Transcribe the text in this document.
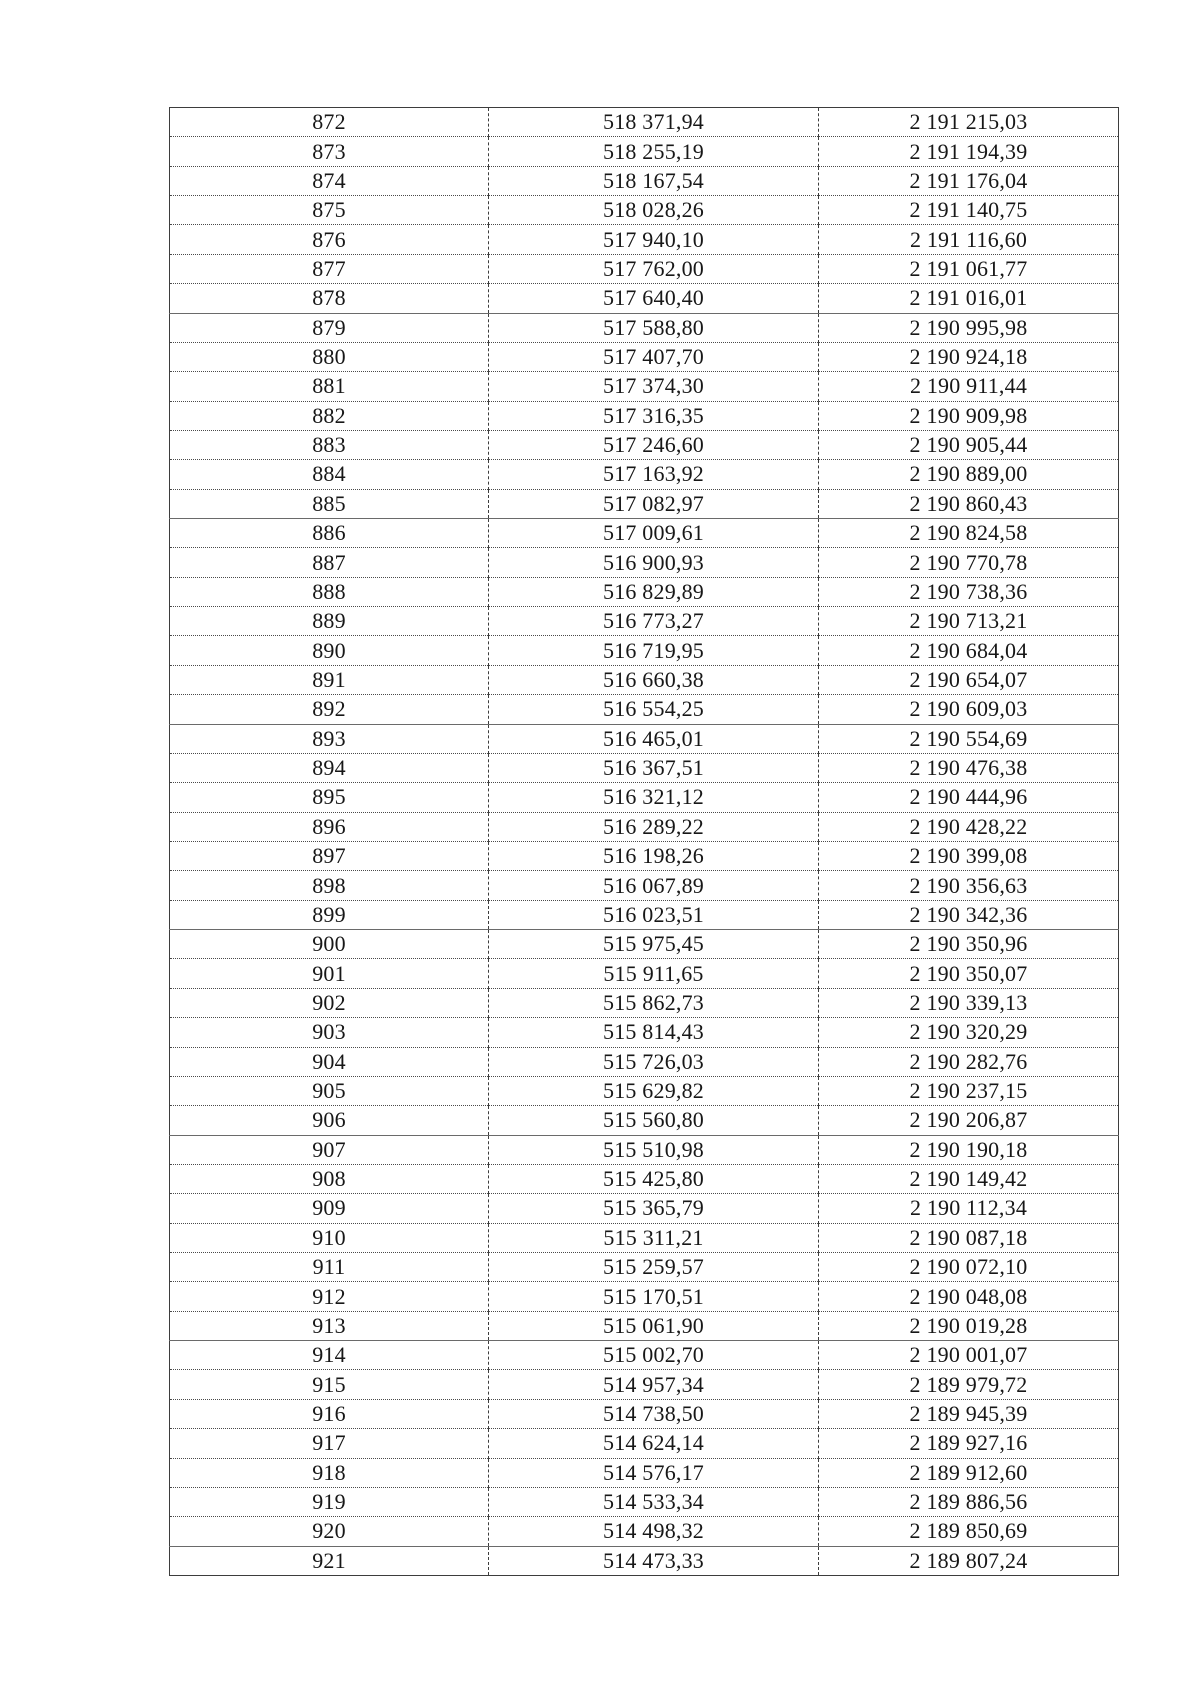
872	518 371,94	2 191 215,03
873	518 255,19	2 191 194,39
874	518 167,54	2 191 176,04
875	518 028,26	2 191 140,75
876	517 940,10	2 191 116,60
877	517 762,00	2 191 061,77
878	517 640,40	2 191 016,01
879	517 588,80	2 190 995,98
880	517 407,70	2 190 924,18
881	517 374,30	2 190 911,44
882	517 316,35	2 190 909,98
883	517 246,60	2 190 905,44
884	517 163,92	2 190 889,00
885	517 082,97	2 190 860,43
886	517 009,61	2 190 824,58
887	516 900,93	2 190 770,78
888	516 829,89	2 190 738,36
889	516 773,27	2 190 713,21
890	516 719,95	2 190 684,04
891	516 660,38	2 190 654,07
892	516 554,25	2 190 609,03
893	516 465,01	2 190 554,69
894	516 367,51	2 190 476,38
895	516 321,12	2 190 444,96
896	516 289,22	2 190 428,22
897	516 198,26	2 190 399,08
898	516 067,89	2 190 356,63
899	516 023,51	2 190 342,36
900	515 975,45	2 190 350,96
901	515 911,65	2 190 350,07
902	515 862,73	2 190 339,13
903	515 814,43	2 190 320,29
904	515 726,03	2 190 282,76
905	515 629,82	2 190 237,15
906	515 560,80	2 190 206,87
907	515 510,98	2 190 190,18
908	515 425,80	2 190 149,42
909	515 365,79	2 190 112,34
910	515 311,21	2 190 087,18
911	515 259,57	2 190 072,10
912	515 170,51	2 190 048,08
913	515 061,90	2 190 019,28
914	515 002,70	2 190 001,07
915	514 957,34	2 189 979,72
916	514 738,50	2 189 945,39
917	514 624,14	2 189 927,16
918	514 576,17	2 189 912,60
919	514 533,34	2 189 886,56
920	514 498,32	2 189 850,69
921	514 473,33	2 189 807,24
